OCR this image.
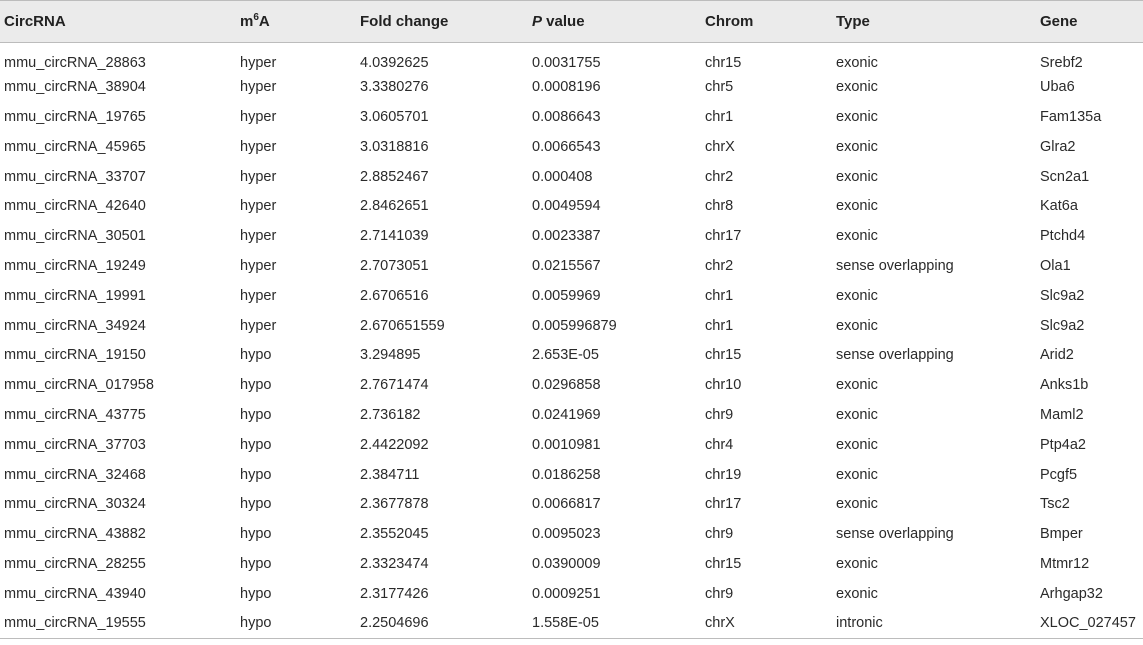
CircRNA	$m^6A$	Fold change	P value	Chrom	Type	Gene
mmu_circRNA_28863	hyper	4.0392625	0.0031755	chr15	exonic	Srebf2
mmu_circRNA_38904	hyper	3.3380276	0.0008196	chr5	exonic	Uba6
mmu_circRNA_19765	hyper	3.0605701	0.0086643	chr1	exonic	Fam135a
mmu_circRNA_45965	hyper	3.0318816	0.0066543	chrX	exonic	Glra2
mmu_circRNA_33707	hyper	2.8852467	0.000408	chr2	exonic	Scn2a1
mmu_circRNA_42640	hyper	2.8462651	0.0049594	chr8	exonic	Kat6a
mmu_circRNA_30501	hyper	2.7141039	0.0023387	chr17	exonic	Ptchd4
mmu_circRNA_19249	hyper	2.7073051	0.0215567	chr2	sense overlapping	Ola1
mmu_circRNA_19991	hyper	2.6706516	0.0059969	chr1	exonic	Slc9a2
mmu_circRNA_34924	hyper	2.670651559	0.005996879	chr1	exonic	Slc9a2
mmu_circRNA_19150	hypo	3.294895	2.653E-05	chr15	sense overlapping	Arid2
mmu_circRNA_017958	hypo	2.7671474	0.0296858	chr10	exonic	Anks1b
mmu_circRNA_43775	hypo	2.736182	0.0241969	chr9	exonic	Maml2
mmu_circRNA_37703	hypo	2.4422092	0.0010981	chr4	exonic	Ptp4a2
mmu_circRNA_32468	hypo	2.384711	0.0186258	chr19	exonic	Pcgf5
mmu_circRNA_30324	hypo	2.3677878	0.0066817	chr17	exonic	Tsc2
mmu_circRNA_43882	hypo	2.3552045	0.0095023	chr9	sense overlapping	Bmper
mmu_circRNA_28255	hypo	2.3323474	0.0390009	chr15	exonic	Mtmr12
mmu_circRNA_43940	hypo	2.3177426	0.0009251	chr9	exonic	Arhgap32
mmu_circRNA_19555	hypo	2.2504696	1.558E-05	chrX	intronic	XLOC_027457
